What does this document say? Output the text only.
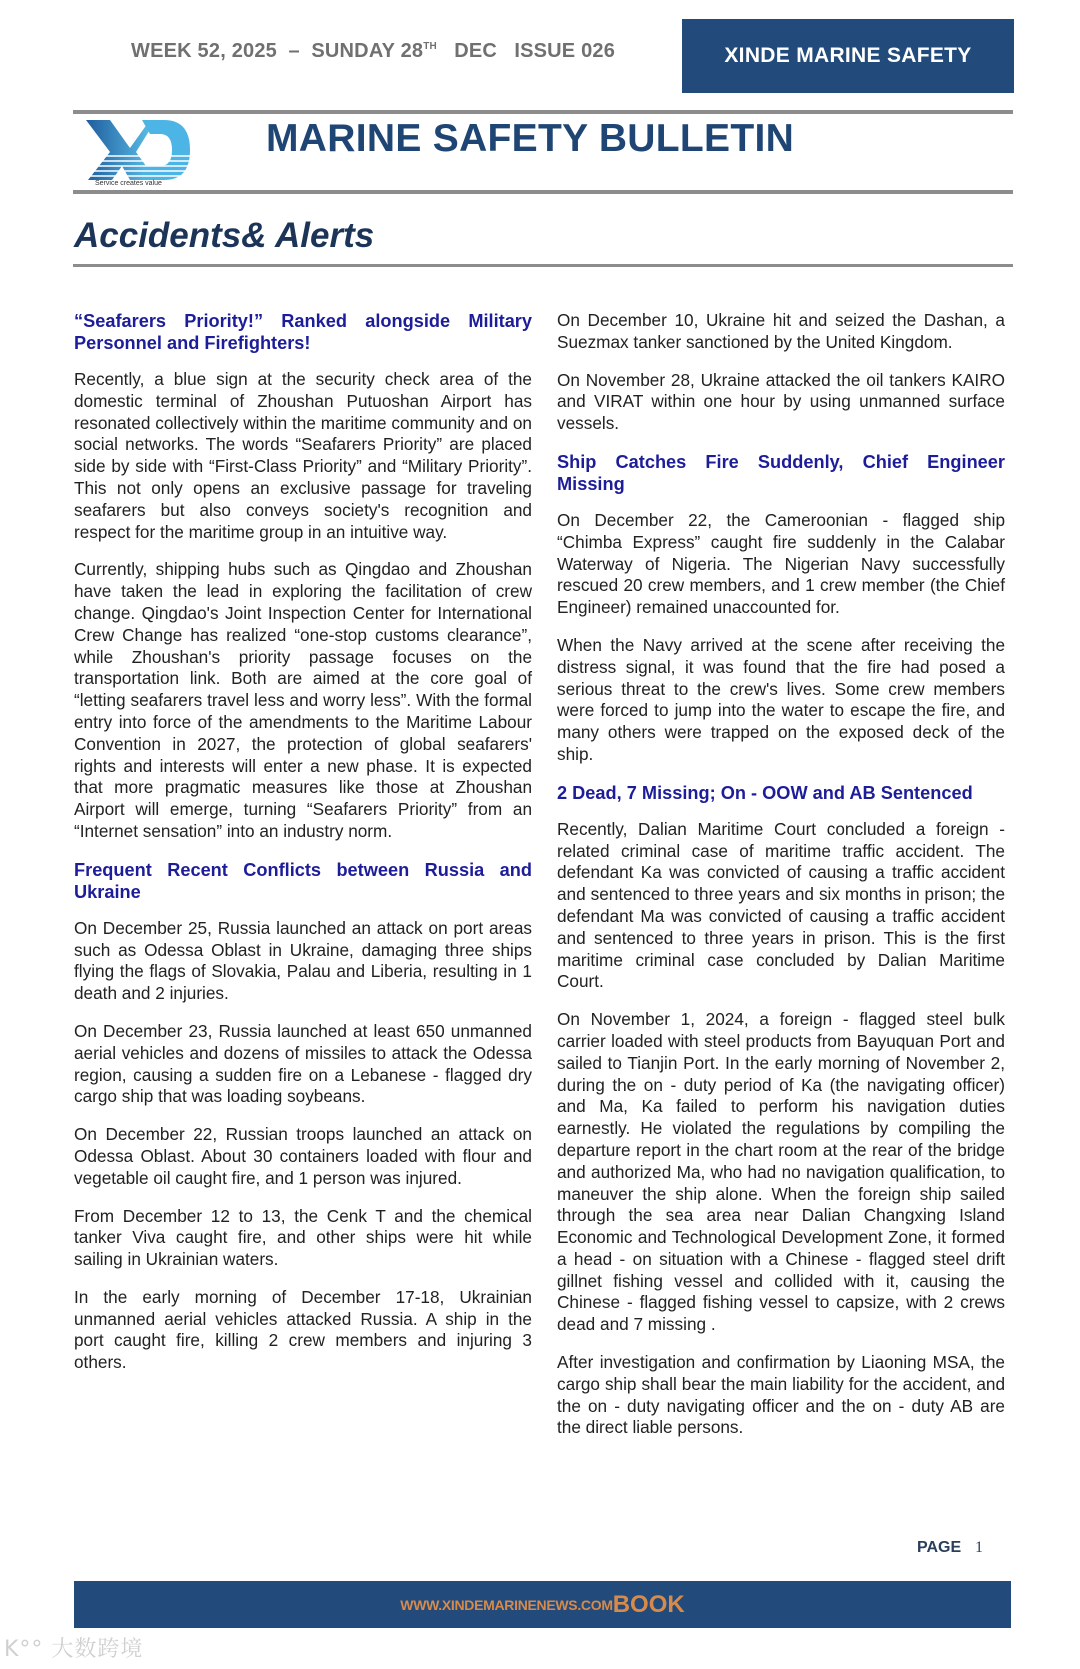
WEEK 52, 2025  –  SUNDAY 28TH   DEC   ISSUE 026	XINDE MARINE SAFETY
Service creates value
MARINE SAFETY BULLETIN
Accidents& Alerts
“Seafarers Priority!” Ranked alongside Military Personnel and Firefighters!

Recently, a blue sign at the security check area of the domestic terminal of Zhoushan Putuoshan Airport has resonated collectively within the maritime community and on social networks. The words “Seafarers Priority” are placed side by side with “First-Class Priority” and “Military Priority”. This not only opens an exclusive passage for traveling seafarers but also conveys society's recognition and respect for the maritime group in an intuitive way.

Currently, shipping hubs such as Qingdao and Zhoushan have taken the lead in exploring the facilitation of crew change. Qingdao's Joint Inspection Center for International Crew Change has realized “one-stop customs clearance”, while Zhoushan's priority passage focuses on the transportation link. Both are aimed at the core goal of “letting seafarers travel less and worry less”. With the formal entry into force of the amendments to the Maritime Labour Convention in 2027, the protection of global seafarers' rights and interests will enter a new phase. It is expected that more pragmatic measures like those at Zhoushan Airport will emerge, turning “Seafarers Priority” from an “Internet sensation” into an industry norm.

Frequent Recent Conflicts between Russia and Ukraine

On December 25, Russia launched an attack on port areas such as Odessa Oblast in Ukraine, damaging three ships flying the flags of Slovakia, Palau and Liberia, resulting in 1 death and 2 injuries.

On December 23, Russia launched at least 650 unmanned aerial vehicles and dozens of missiles to attack the Odessa region, causing a sudden fire on a Lebanese - flagged dry cargo ship that was loading soybeans.

On December 22, Russian troops launched an attack on Odessa Oblast. About 30 containers loaded with flour and vegetable oil caught fire, and 1 person was injured.

From December 12 to 13, the Cenk T and the chemical tanker Viva caught fire, and other ships were hit while sailing in Ukrainian waters.

In the early morning of December 17-18, Ukrainian unmanned aerial vehicles attacked Russia. A ship in the port caught fire, killing 2 crew members and injuring 3 others.

On December 10, Ukraine hit and seized the Dashan, a Suezmax tanker sanctioned by the United Kingdom.

On November 28, Ukraine attacked the oil tankers KAIRO and VIRAT within one hour by using unmanned surface vessels.

Ship Catches Fire Suddenly, Chief Engineer Missing

On December 22, the Cameroonian - flagged ship “Chimba Express” caught fire suddenly in the Calabar Waterway of Nigeria. The Nigerian Navy successfully rescued 20 crew members, and 1 crew member (the Chief Engineer) remained unaccounted for.

When the Navy arrived at the scene after receiving the distress signal, it was found that the fire had posed a serious threat to the crew's lives. Some crew members were forced to jump into the water to escape the fire, and many others were trapped on the exposed deck of the ship.

2 Dead, 7 Missing; On - OOW and AB Sentenced

Recently, Dalian Maritime Court concluded a foreign - related criminal case of maritime traffic accident. The defendant Ka was convicted of causing a traffic accident and sentenced to three years and six months in prison; the defendant Ma was convicted of causing a traffic accident and sentenced to three years in prison. This is the first maritime criminal case concluded by Dalian Maritime Court.

On November 1, 2024, a foreign - flagged steel bulk carrier loaded with steel products from Bayuquan Port and sailed to Tianjin Port. In the early morning of November 2, during the on - duty period of Ka (the navigating officer) and Ma, Ka failed to perform his navigation duties earnestly. He violated the regulations by compiling the departure report in the chart room at the rear of the bridge and authorized Ma, who had no navigation qualification, to maneuver the ship alone. When the foreign ship sailed through the sea area near Dalian Changxing Island Economic and Technological Development Zone, it formed a head - on situation with a Chinese - flagged steel drift gillnet fishing vessel and collided with it, causing the Chinese - flagged fishing vessel to capsize, with 2 crews dead and 7 missing .

After investigation and confirmation by Liaoning MSA, the cargo ship shall bear the main liability for the accident, and the on - duty navigating officer and the on - duty AB are the direct liable persons.

PAGE 1
WWW.XINDEMARINENEWS.COM BOOK
K°° 大数跨境
